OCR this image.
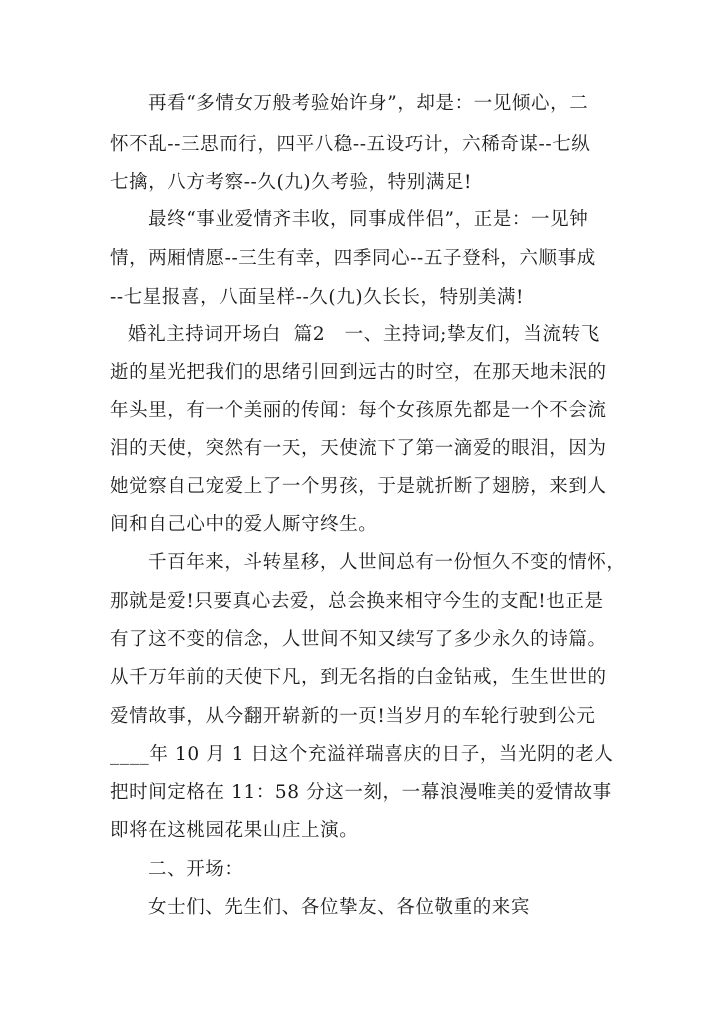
再看“多情女万般考验始许身”，却是：一见倾心，二
怀不乱--三思而行，四平八稳--五设巧计，六稀奇谋--七纵
七擒，八方考察--久(九)久考验，特别满足!
最终“事业爱情齐丰收，同事成伴侣”，正是：一见钟
情，两厢情愿--三生有幸，四季同心--五子登科，六顺事成
--七星报喜，八面呈样--久(九)久长长，特别美满!
婚礼主持词开场白  篇2   一、主持词;挚友们，当流转飞
逝的星光把我们的思绪引回到远古的时空，在那天地未泯的
年头里，有一个美丽的传闻：每个女孩原先都是一个不会流
泪的天使，突然有一天，天使流下了第一滴爱的眼泪，因为
她觉察自己宠爱上了一个男孩，于是就折断了翅膀，来到人
间和自己心中的爱人厮守终生。
千百年来，斗转星移，人世间总有一份恒久不变的情怀，
那就是爱!只要真心去爱，总会换来相守今生的支配!也正是
有了这不变的信念，人世间不知又续写了多少永久的诗篇。
从千万年前的天使下凡，到无名指的白金钻戒，生生世世的
爱情故事，从今翻开崭新的一页!当岁月的车轮行驶到公元
____年 10 月 1 日这个充溢祥瑞喜庆的日子，当光阴的老人
把时间定格在 11：58 分这一刻，一幕浪漫唯美的爱情故事
即将在这桃园花果山庄上演。
二、开场：
女士们、先生们、各位挚友、各位敬重的来宾
